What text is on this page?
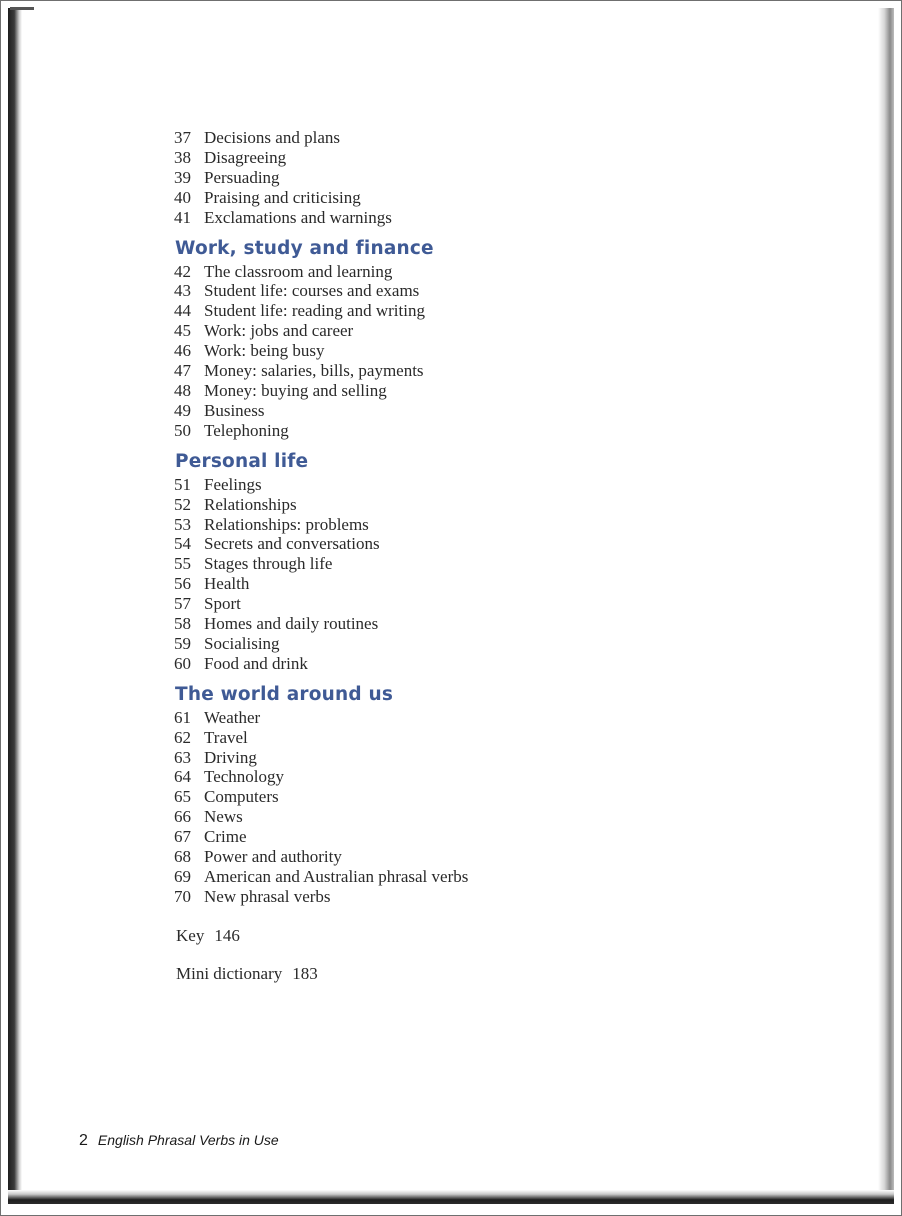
37 Decisions and plans
38 Disagreeing
39 Persuading
40 Praising and criticising
41 Exclamations and warnings
Work, study and finance
42 The classroom and learning
43 Student life: courses and exams
44 Student life: reading and writing
45 Work: jobs and career
46 Work: being busy
47 Money: salaries, bills, payments
48 Money: buying and selling
49 Business
50 Telephoning
Personal life
51 Feelings
52 Relationships
53 Relationships: problems
54 Secrets and conversations
55 Stages through life
56 Health
57 Sport
58 Homes and daily routines
59 Socialising
60 Food and drink
The world around us
61 Weather
62 Travel
63 Driving
64 Technology
65 Computers
66 News
67 Crime
68 Power and authority
69 American and Australian phrasal verbs
70 New phrasal verbs
Key 146
Mini dictionary 183
2 English Phrasal Verbs in Use
